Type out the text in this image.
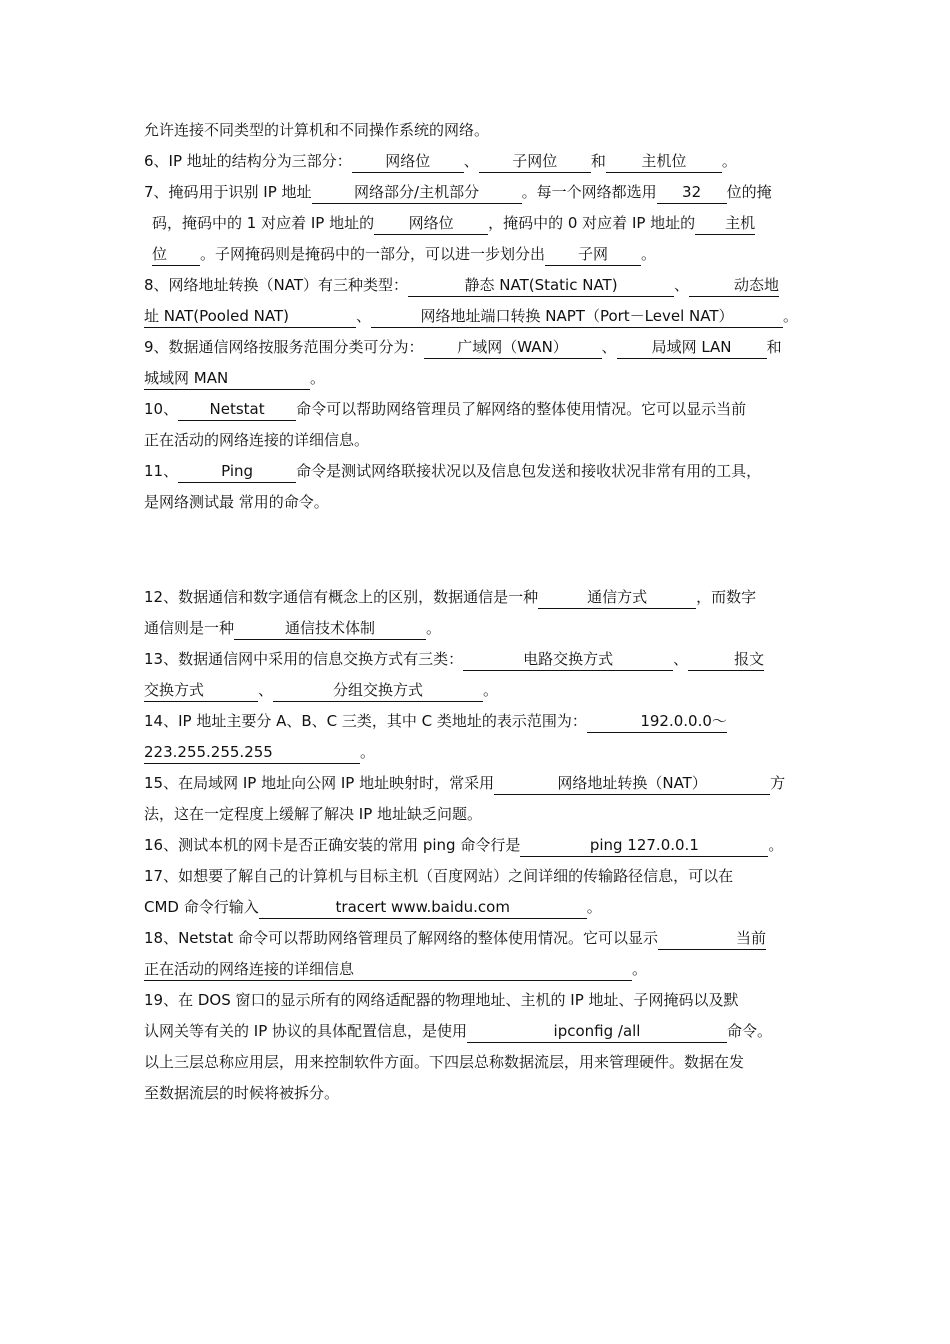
允许连接不同类型的计算机和不同操作系统的网络。
6、IP 地址的结构分为三部分： 网络位 、 子网位 和 主机位 。
7、掩码用于识别 IP 地址	网络部分/主机部分	。每一个网络都选用 32 位的掩
码，掩码中的 1 对应着 IP 地址的 网络位 ，掩码中的 0 对应着 IP 地址的 主机
位 。子网掩码则是掩码中的一部分，可以进一步划分出 子网 。
8、网络地址转换（NAT）有三种类型：	静态 NAT(Static NAT)	、	动态地
址 NAT(Pooled NAT)	、	网络地址端口转换 NAPT（Port－Level NAT）	。
9、数据通信网络按服务范围分类可分为： 广域网（WAN） 、 局域网 LAN 和
城域网 MAN	。
10、 Netstat 命令可以帮助网络管理员了解网络的整体使用情况。它可以显示当前
正在活动的网络连接的详细信息。
11、	Ping	命令是测试网络联接状况以及信息包发送和接收状况非常有用的工具，
是网络测试最 常用的命令。
12、数据通信和数字通信有概念上的区别，数据通信是一种	通信方式	，而数字
通信则是一种	通信技术体制	。
13、数据通信网中采用的信息交换方式有三类：	电路交换方式	、	报文
交换方式	、	分组交换方式	。
14、IP 地址主要分 A、B、C 三类，其中 C 类地址的表示范围为：	192.0.0.0～
223.255.255.255	。
15、在局域网 IP 地址向公网 IP 地址映射时，常采用	网络地址转换（NAT）	方
法，这在一定程度上缓解了解决 IP 地址缺乏问题。
16、测试本机的网卡是否正确安装的常用 ping 命令行是	ping 127.0.0.1	。
17、如想要了解自己的计算机与目标主机（百度网站）之间详细的传输路径信息，可以在
CMD 命令行输入	tracert www.baidu.com	。
18、Netstat 命令可以帮助网络管理员了解网络的整体使用情况。它可以显示	当前
正在活动的网络连接的详细信息	。
19、在 DOS 窗口的显示所有的网络适配器的物理地址、主机的 IP 地址、子网掩码以及默
认网关等有关的 IP 协议的具体配置信息，是使用	ipconfig /all	命令。
以上三层总称应用层，用来控制软件方面。下四层总称数据流层，用来管理硬件。数据在发
至数据流层的时候将被拆分。
